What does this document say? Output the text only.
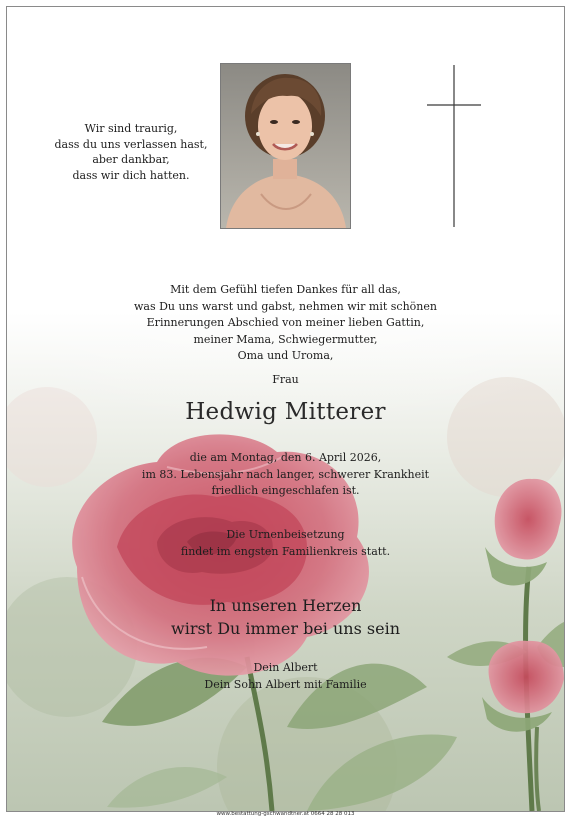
Wir sind traurig,
dass du uns verlassen hast,
aber dankbar,
dass wir dich hatten.
Mit dem Gefühl tiefen Dankes für all das,
was Du uns warst und gabst, nehmen wir mit schönen
Erinnerungen Abschied von meiner lieben Gattin,
meiner Mama, Schwiegermutter,
Oma und Uroma,
Frau
Hedwig Mitterer
die am Montag, den 6. April 2026,
im 83. Lebensjahr nach langer, schwerer Krankheit
friedlich eingeschlafen ist.
Die Urnenbeisetzung
findet im engsten Familienkreis statt.
In unseren Herzen
wirst Du immer bei uns sein
Dein Albert
Dein Sohn Albert mit Familie
www.bestattung-gschwandtner.at 0664 28 28 013
